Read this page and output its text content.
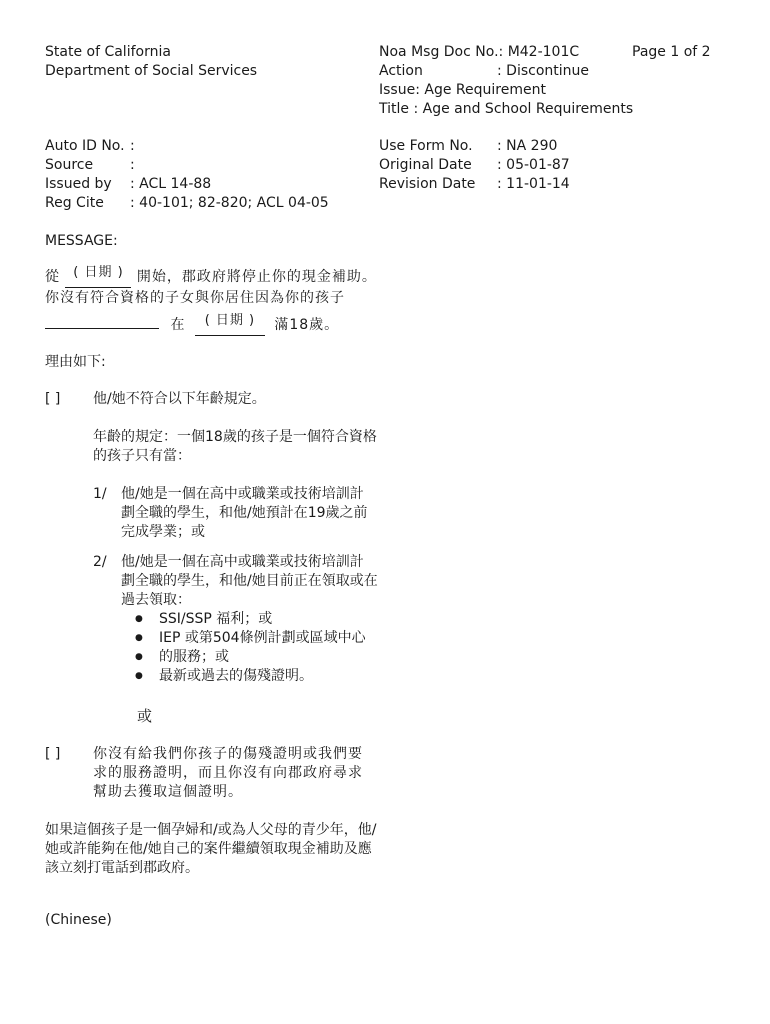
State of California
Department of Social Services
Noa Msg Doc No.: M42-101C
Action	: Discontinue
Issue: Age Requirement
Title : Age and School Requirements
Page 1 of 2
Auto ID No. :
Source	:
Issued by : ACL 14-88
Reg Cite : 40-101; 82-820; ACL 04-05
Use Form No. : NA 290
Original Date : 05-01-87
Revision Date : 11-01-14
MESSAGE:
從 ( 日期 ) 開始，郡政府將停止你的現金補助。
你沒有符合資格的子女與你居住因為你的孩子
在 ( 日期 ) 滿18歲。
理由如下:
[ ] 他/她不符合以下年齡規定。
年齡的規定：一個18歲的孩子是一個符合資格
的孩子只有當：
1/ 他/她是一個在高中或職業或技術培訓計
劃全職的學生，和他/她預計在19歲之前
完成學業；或
2/ 他/她是一個在高中或職業或技術培訓計
劃全職的學生，和他/她目前正在領取或在
過去領取：
● SSI/SSP 福利；或
● IEP 或第504條例計劃或區域中心
● 的服務；或
● 最新或過去的傷殘證明。
或
[ ] 你沒有給我們你孩子的傷殘證明或我們要
求的服務證明，而且你沒有向郡政府尋求
幫助去獲取這個證明。
如果這個孩子是一個孕婦和/或為人父母的青少年，他/
她或許能夠在他/她自己的案件繼續領取現金補助及應
該立刻打電話到郡政府。
(Chinese)
